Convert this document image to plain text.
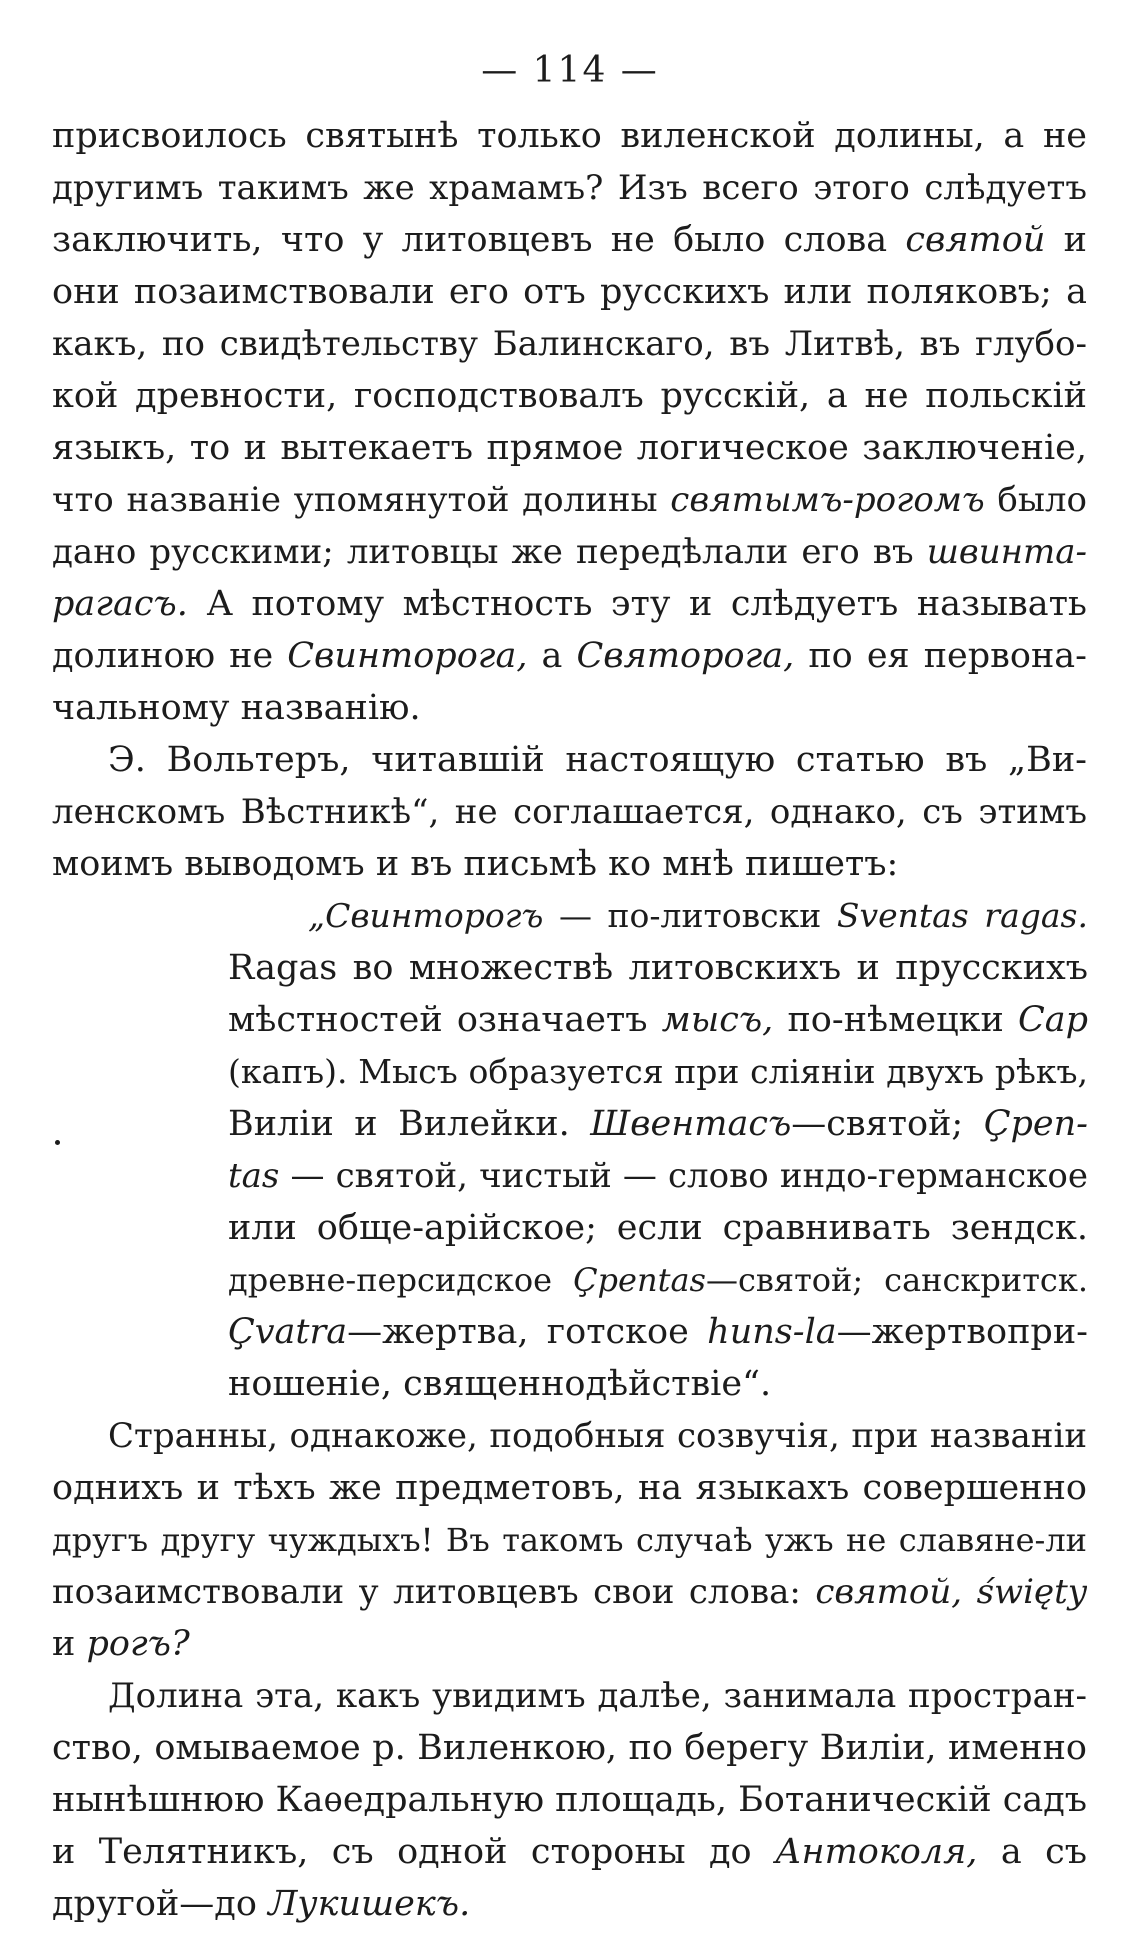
— 114 —
присвоилось святынѣ только виленской долины, а не
другимъ такимъ же храмамъ? Изъ всего этого слѣдуетъ
заключить, что у литовцевъ не было слова святой и
они позаимствовали его отъ русскихъ или поляковъ; а
какъ, по свидѣтельству Балинскаго, въ Литвѣ, въ глубо-
кой древности, господствовалъ русскій, а не польскій
языкъ, то и вытекаетъ прямое логическое заключеніе,
что названіе упомянутой долины святымъ-рогомъ было
дано русскими; литовцы же передѣлали его въ швинта-
рагасъ. А потому мѣстность эту и слѣдуетъ называть
долиною не Свинторога, а Святорога, по ея первона-
чальному названію.
Э. Вольтеръ, читавшій настоящую статью въ „Ви-
ленскомъ Вѣстникѣ“, не соглашается, однако, съ этимъ
моимъ выводомъ и въ письмѣ ко мнѣ пишетъ:
„Свинторогъ — по-литовски Sventas ragas.
Ragas во множествѣ литовскихъ и прусскихъ
мѣстностей означаетъ мысъ, по-нѣмецки Cap
(капъ). Мысъ образуется при сліяніи двухъ рѣкъ,
Виліи и Вилейки. Швентасъ—святой; Çpen-
tas — святой, чистый — слово индо-германское
или обще-арійское; если сравнивать зендск.
древне-персидское Çpentas—святой; санскритск.
Çvatra—жертва, готское huns-la—жертвопри-
ношеніе, священнодѣйствіе“.
Странны, однакоже, подобныя созвучія, при названіи
однихъ и тѣхъ же предметовъ, на языкахъ совершенно
другъ другу чуждыхъ! Въ такомъ случаѣ ужъ не славяне-ли
позаимствовали у литовцевъ свои слова: святой, święty
и рогъ?
Долина эта, какъ увидимъ далѣе, занимала простран-
ство, омываемое р. Виленкою, по берегу Виліи, именно
нынѣшнюю Каѳедральную площадь, Ботаническій садъ
и Телятникъ, съ одной стороны до Антоколя, а съ
другой—до Лукишекъ.
